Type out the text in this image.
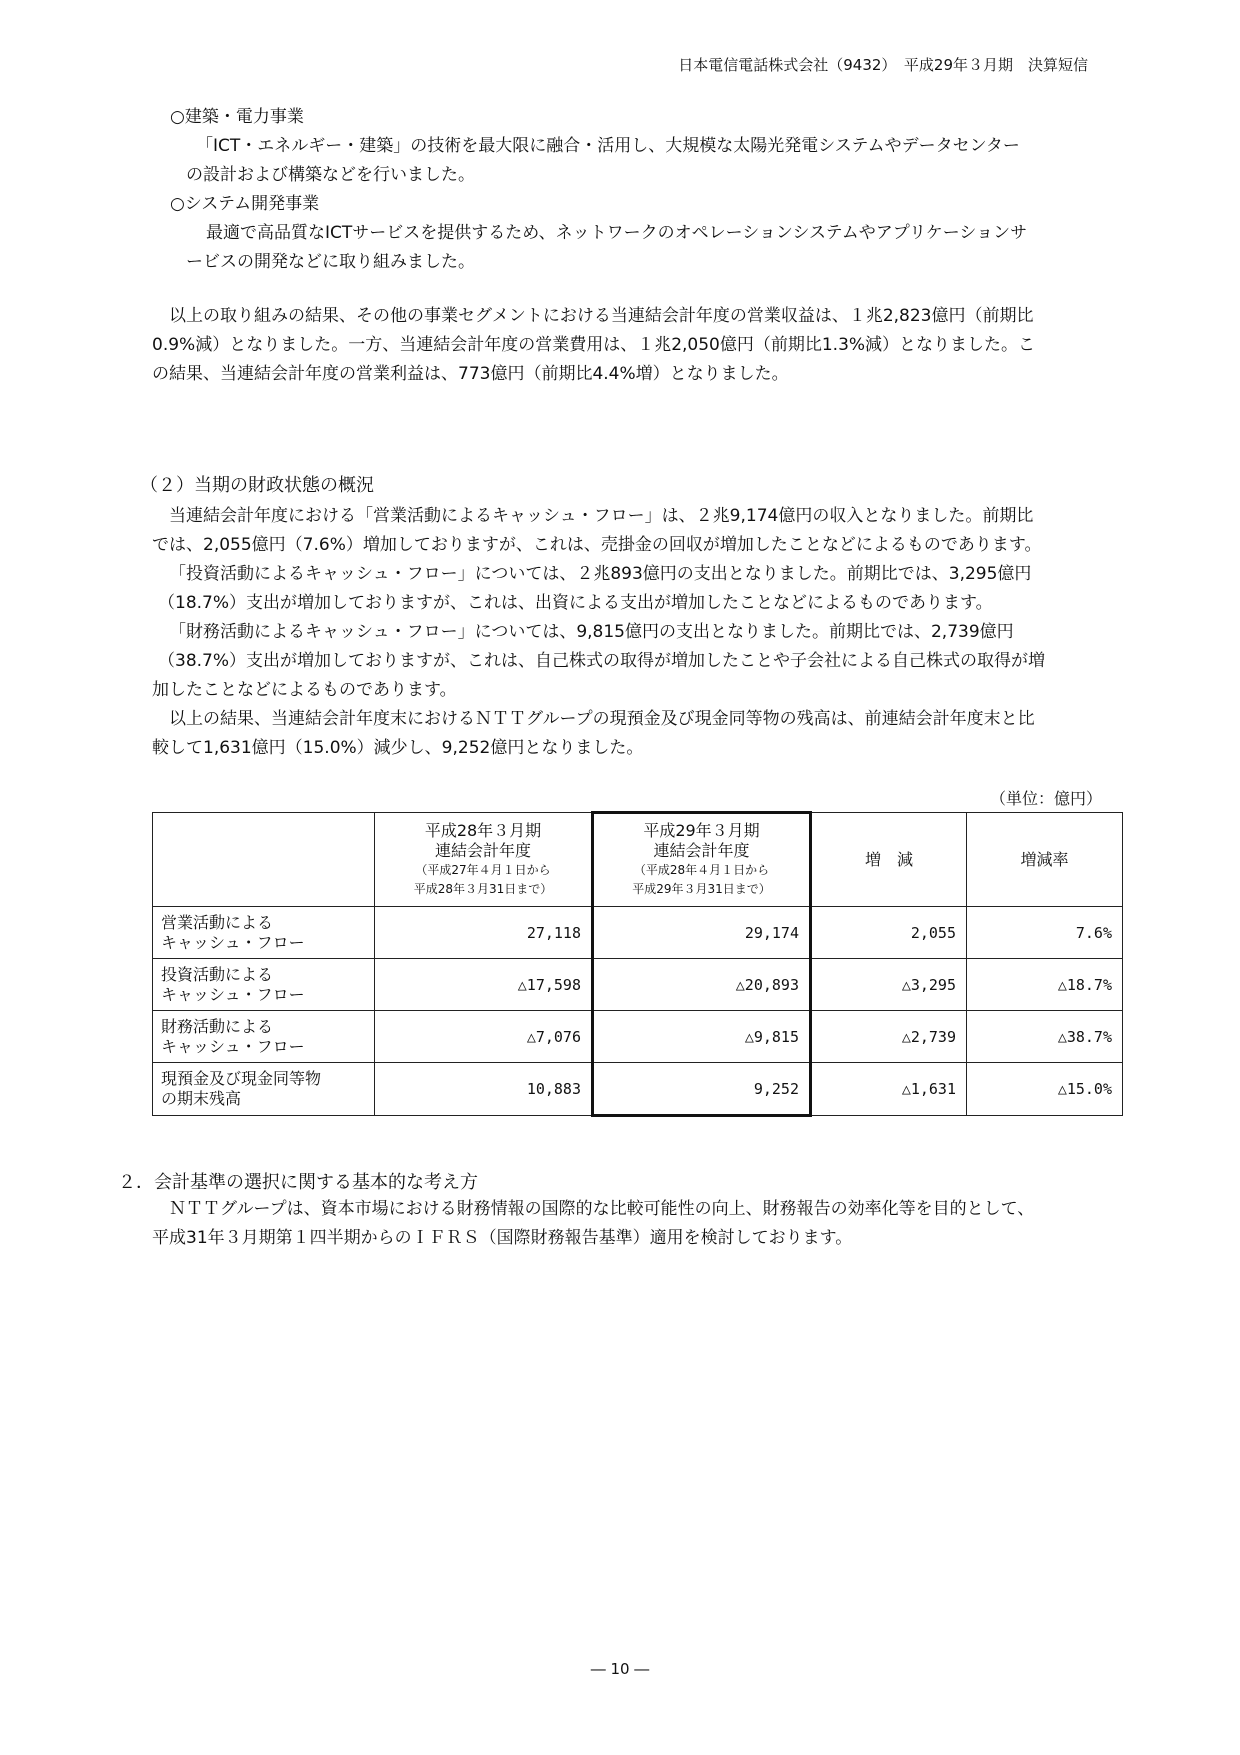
日本電信電話株式会社（9432）　平成29年３月期　決算短信
○建築・電力事業
「ICT・エネルギー・建築」の技術を最大限に融合・活用し、大規模な太陽光発電システムやデータセンター
の設計および構築などを行いました。
○システム開発事業
最適で高品質なICTサービスを提供するため、ネットワークのオペレーションシステムやアプリケーションサ
ービスの開発などに取り組みました。
以上の取り組みの結果、その他の事業セグメントにおける当連結会計年度の営業収益は、１兆2,823億円（前期比
0.9%減）となりました。一方、当連結会計年度の営業費用は、１兆2,050億円（前期比1.3%減）となりました。こ
の結果、当連結会計年度の営業利益は、773億円（前期比4.4%増）となりました。
（２）当期の財政状態の概況
当連結会計年度における「営業活動によるキャッシュ・フロー」は、２兆9,174億円の収入となりました。前期比
では、2,055億円（7.6%）増加しておりますが、これは、売掛金の回収が増加したことなどによるものであります。
「投資活動によるキャッシュ・フロー」については、２兆893億円の支出となりました。前期比では、3,295億円
（18.7%）支出が増加しておりますが、これは、出資による支出が増加したことなどによるものであります。
「財務活動によるキャッシュ・フロー」については、9,815億円の支出となりました。前期比では、2,739億円
（38.7%）支出が増加しておりますが、これは、自己株式の取得が増加したことや子会社による自己株式の取得が増
加したことなどによるものであります。
以上の結果、当連結会計年度末におけるＮＴＴグループの現預金及び現金同等物の残高は、前連結会計年度末と比
較して1,631億円（15.0%）減少し、9,252億円となりました。
（単位：億円）

	平成28年３月期
連結会計年度
（平成27年４月１日から
平成28年３月31日まで）	平成29年３月期
連結会計年度
（平成28年４月１日から
平成29年３月31日まで）	増　減	増減率
営業活動による
キャッシュ・フロー	27,118	29,174	2,055	7.6%
投資活動による
キャッシュ・フロー	△17,598	△20,893	△3,295	△18.7%
財務活動による
キャッシュ・フロー	△7,076	△9,815	△2,739	△38.7%
現預金及び現金同等物
の期末残高	10,883	9,252	△1,631	△15.0%
２．会計基準の選択に関する基本的な考え方
ＮＴＴグループは、資本市場における財務情報の国際的な比較可能性の向上、財務報告の効率化等を目的として、
平成31年３月期第１四半期からのＩＦＲＳ（国際財務報告基準）適用を検討しております。
― 10 ―
